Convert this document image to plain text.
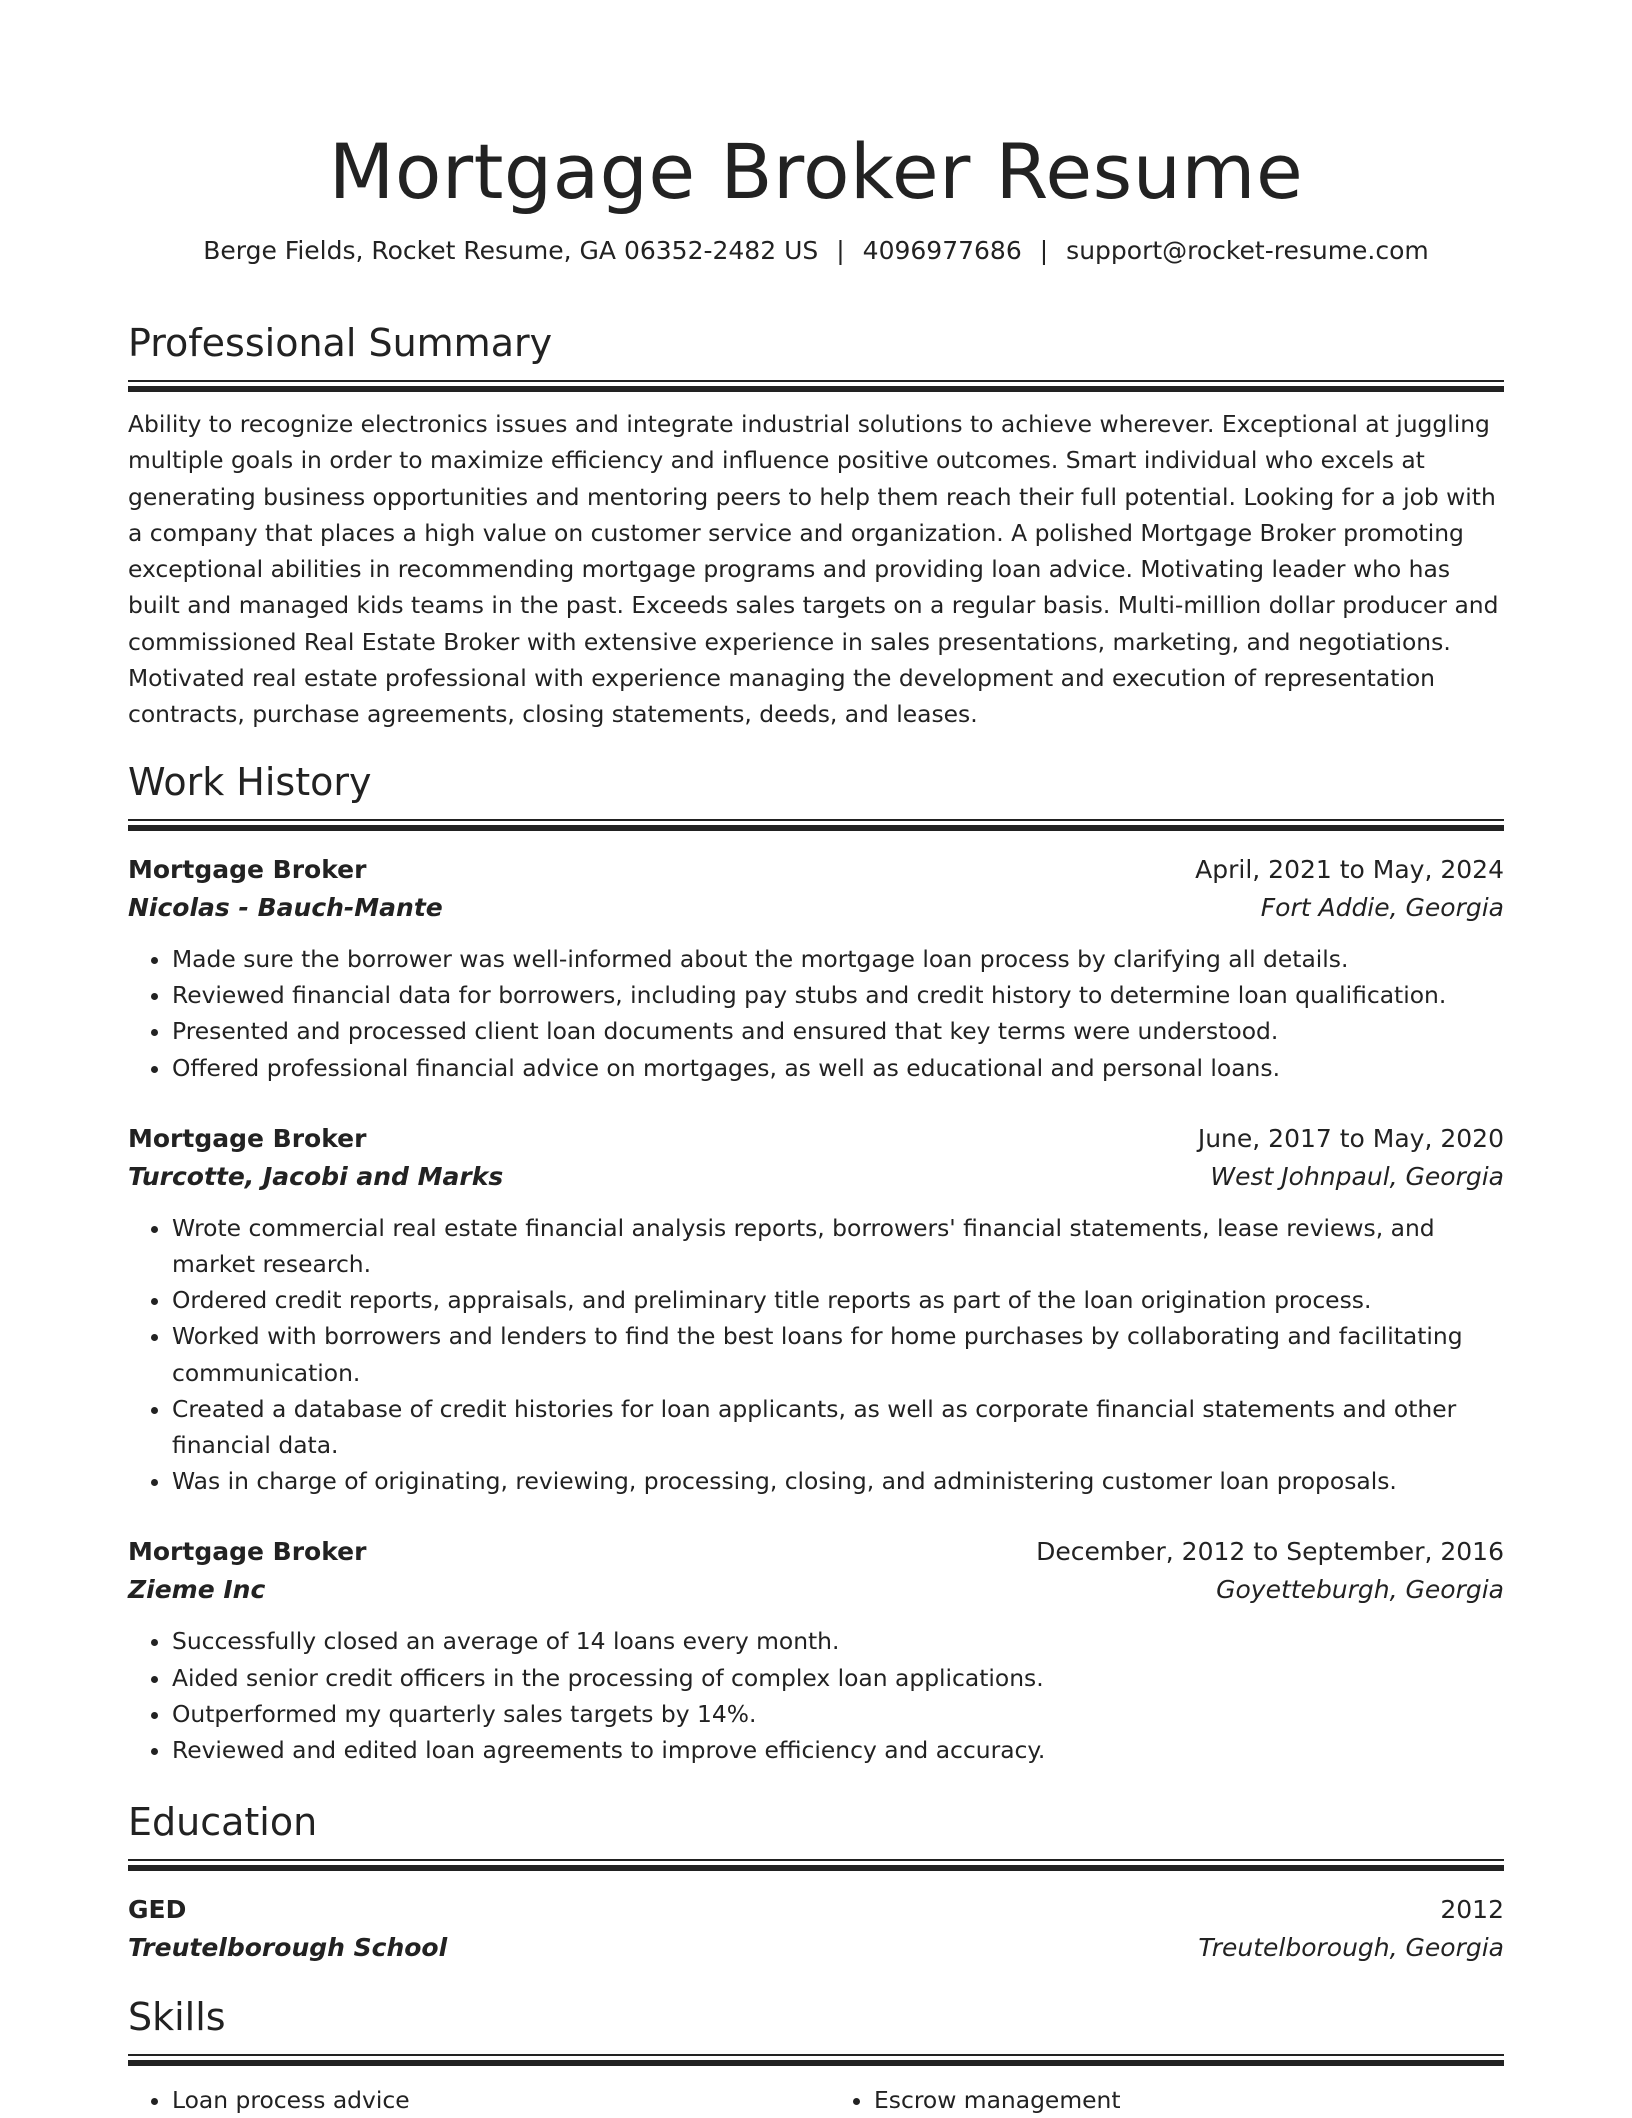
Mortgage Broker Resume
Berge Fields, Rocket Resume, GA 06352-2482 US | 4096977686 | support@rocket-resume.com
Professional Summary

Ability to recognize electronics issues and integrate industrial solutions to achieve wherever. Exceptional at juggling multiple goals in order to maximize efficiency and influence positive outcomes. Smart individual who excels at generating business opportunities and mentoring peers to help them reach their full potential. Looking for a job with a company that places a high value on customer service and organization. A polished Mortgage Broker promoting exceptional abilities in recommending mortgage programs and providing loan advice. Motivating leader who has built and managed kids teams in the past. Exceeds sales targets on a regular basis. Multi-million dollar producer and commissioned Real Estate Broker with extensive experience in sales presentations, marketing, and negotiations. Motivated real estate professional with experience managing the development and execution of representation contracts, purchase agreements, closing statements, deeds, and leases.

Work History
Mortgage Broker	April, 2021 to May, 2024
Nicolas - Bauch-Mante	Fort Addie, Georgia
• Made sure the borrower was well-informed about the mortgage loan process by clarifying all details.
• Reviewed financial data for borrowers, including pay stubs and credit history to determine loan qualification.
• Presented and processed client loan documents and ensured that key terms were understood.
• Offered professional financial advice on mortgages, as well as educational and personal loans.
Mortgage Broker	June, 2017 to May, 2020
Turcotte, Jacobi and Marks	West Johnpaul, Georgia
• Wrote commercial real estate financial analysis reports, borrowers' financial statements, lease reviews, and market research.
• Ordered credit reports, appraisals, and preliminary title reports as part of the loan origination process.
• Worked with borrowers and lenders to find the best loans for home purchases by collaborating and facilitating communication.
• Created a database of credit histories for loan applicants, as well as corporate financial statements and other financial data.
• Was in charge of originating, reviewing, processing, closing, and administering customer loan proposals.
Mortgage Broker	December, 2012 to September, 2016
Zieme Inc	Goyetteburgh, Georgia
• Successfully closed an average of 14 loans every month.
• Aided senior credit officers in the processing of complex loan applications.
• Outperformed my quarterly sales targets by 14%.
• Reviewed and edited loan agreements to improve efficiency and accuracy.
Education
GED	2012
Treutelborough School	Treutelborough, Georgia
Skills
• Loan process advice
•	Escrow management
